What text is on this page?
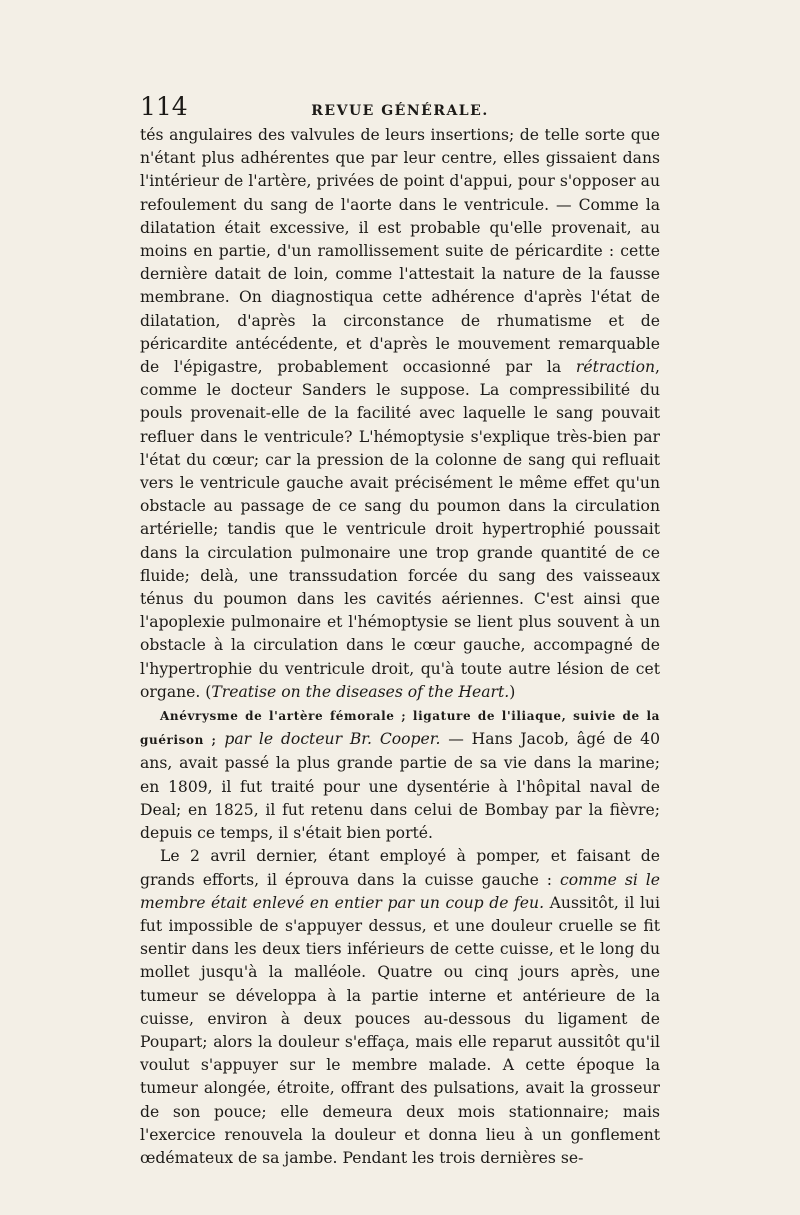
114	REVUE GÉNÉRALE.

tés angulaires des valvules de leurs insertions; de telle sorte que n'étant plus adhérentes que par leur centre, elles gissaient dans l'intérieur de l'artère, privées de point d'appui, pour s'opposer au refoulement du sang de l'aorte dans le ventricule. — Comme la dilatation était excessive, il est probable qu'elle provenait, au moins en partie, d'un ramollissement suite de péricardite : cette dernière datait de loin, comme l'attestait la nature de la fausse membrane. On diagnostiqua cette adhérence d'après l'état de dilatation, d'après la circonstance de rhumatisme et de péricardite antécédente, et d'après le mouvement remarquable de l'épigastre, probablement occasionné par la rétraction, comme le docteur Sanders le suppose. La compressibilité du pouls provenait-elle de la facilité avec laquelle le sang pouvait refluer dans le ventricule? L'hémoptysie s'explique très-bien par l'état du cœur; car la pression de la colonne de sang qui refluait vers le ventricule gauche avait précisément le même effet qu'un obstacle au passage de ce sang du poumon dans la circulation artérielle; tandis que le ventricule droit hypertrophié poussait dans la circulation pulmonaire une trop grande quantité de ce fluide; delà, une transsudation forcée du sang des vaisseaux ténus du poumon dans les cavités aériennes. C'est ainsi que l'apoplexie pulmonaire et l'hémoptysie se lient plus souvent à un obstacle à la circulation dans le cœur gauche, accompagné de l'hypertrophie du ventricule droit, qu'à toute autre lésion de cet organe. (Treatise on the diseases of the Heart.)

Anévrysme de l'artère fémorale ; ligature de l'iliaque, suivie de la guérison ; par le docteur Br. Cooper. — Hans Jacob, âgé de 40 ans, avait passé la plus grande partie de sa vie dans la marine; en 1809, il fut traité pour une dysentérie à l'hôpital naval de Deal; en 1825, il fut retenu dans celui de Bombay par la fièvre; depuis ce temps, il s'était bien porté.

Le 2 avril dernier, étant employé à pomper, et faisant de grands efforts, il éprouva dans la cuisse gauche : comme si le membre était enlevé en entier par un coup de feu. Aussitôt, il lui fut impossible de s'appuyer dessus, et une douleur cruelle se fit sentir dans les deux tiers inférieurs de cette cuisse, et le long du mollet jusqu'à la malléole. Quatre ou cinq jours après, une tumeur se développa à la partie interne et antérieure de la cuisse, environ à deux pouces au-dessous du ligament de Poupart; alors la douleur s'effaça, mais elle reparut aussitôt qu'il voulut s'appuyer sur le membre malade. A cette époque la tumeur alongée, étroite, offrant des pulsations, avait la grosseur de son pouce; elle demeura deux mois stationnaire; mais l'exercice renouvela la douleur et donna lieu à un gonflement œdémateux de sa jambe. Pendant les trois dernières se-
